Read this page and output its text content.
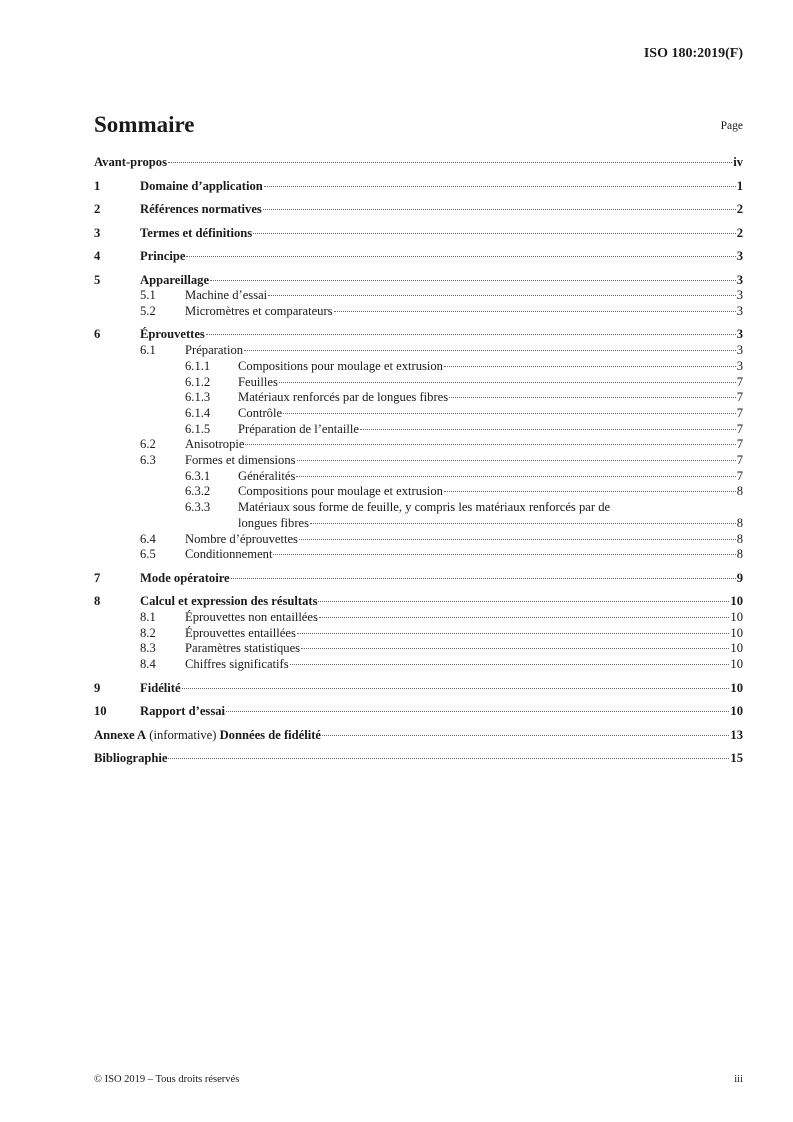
ISO 180:2019(F)
Sommaire	Page
Avant-propos	iv
1	Domaine d’application	1
2	Références normatives	2
3	Termes et définitions	2
4	Principe	3
5	Appareillage	3
5.1	Machine d’essai	3
5.2	Micromètres et comparateurs	3
6	Éprouvettes	3
6.1	Préparation	3
6.1.1	Compositions pour moulage et extrusion	3
6.1.2	Feuilles	7
6.1.3	Matériaux renforcés par de longues fibres	7
6.1.4	Contrôle	7
6.1.5	Préparation de l’entaille	7
6.2	Anisotropie	7
6.3	Formes et dimensions	7
6.3.1	Généralités	7
6.3.2	Compositions pour moulage et extrusion	8
6.3.3	Matériaux sous forme de feuille, y compris les matériaux renforcés par de
longues fibres	8
6.4	Nombre d’éprouvettes	8
6.5	Conditionnement	8
7	Mode opératoire	9
8	Calcul et expression des résultats	10
8.1	Éprouvettes non entaillées	10
8.2	Éprouvettes entaillées	10
8.3	Paramètres statistiques	10
8.4	Chiffres significatifs	10
9	Fidélité	10
10	Rapport d’essai	10
Annexe A (informative) Données de fidélité	13
Bibliographie	15
© ISO 2019 – Tous droits réservés	iii
